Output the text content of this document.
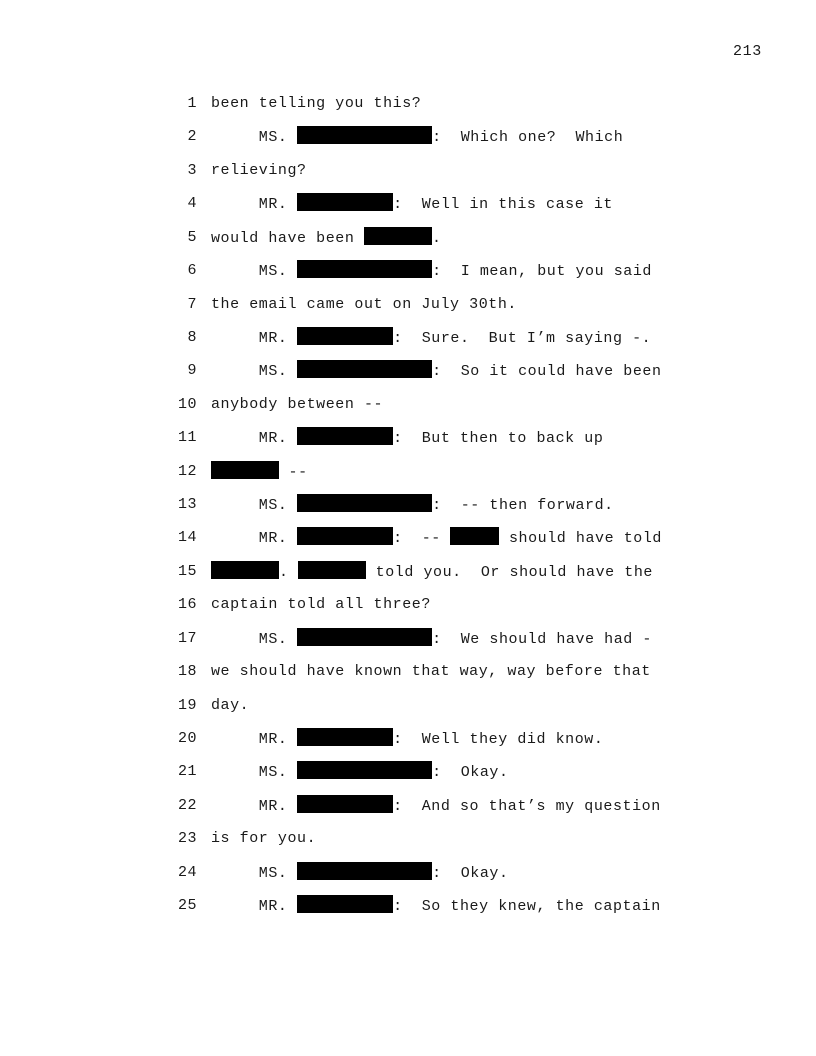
213
1 been telling you this?
2 MS.	:  Which one?  Which
3 relieving?
4 MR.	:  Well in this case it
5 would have been	.
6 MS.	:  I mean, but you said
7 the email came out on July 30th.
8 MR.	:  Sure.  But I’m saying -.
9 MS.	:  So it could have been
10 anybody between --
11 MR.	:  But then to back up
12	--
13 MS.	:  -- then forward.
14 MR.	:  --	should have told
15	.	told you.  Or should have the
16 captain told all three?
17 MS.	:  We should have had -
18 we should have known that way, way before that
19 day.
20 MR.	:  Well they did know.
21 MS.	:  Okay.
22 MR.	:  And so that’s my question
23 is for you.
24 MS.	:  Okay.
25 MR.	:  So they knew, the captain
